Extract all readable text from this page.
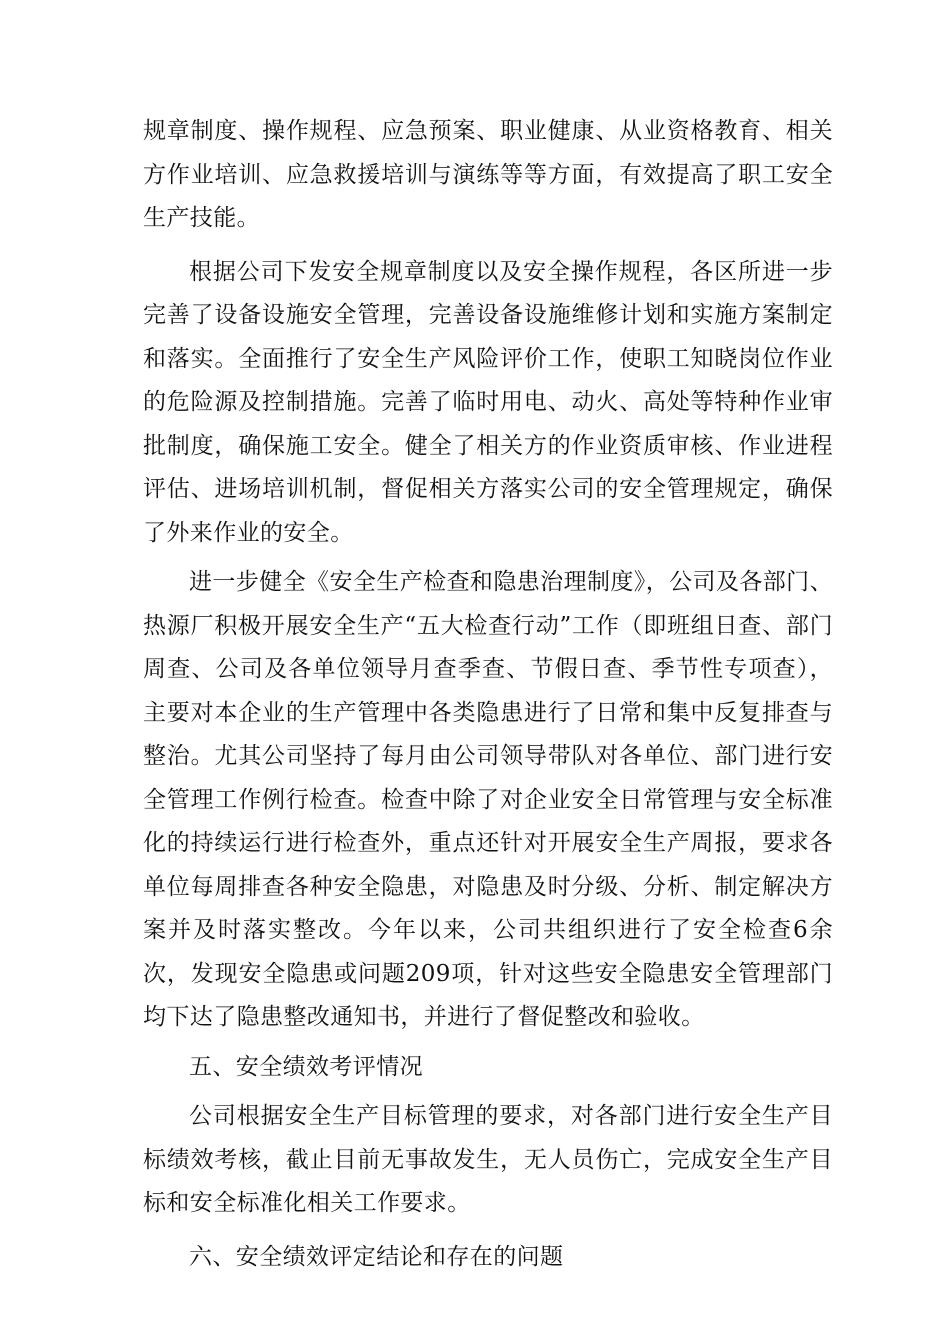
规章制度、操作规程、应急预案、职业健康、从业资格教育、相关方作业培训、应急救援培训与演练等等方面，有效提高了职工安全生产技能。

根据公司下发安全规章制度以及安全操作规程，各区所进一步完善了设备设施安全管理，完善设备设施维修计划和实施方案制定和落实。全面推行了安全生产风险评价工作，使职工知晓岗位作业的危险源及控制措施。完善了临时用电、动火、高处等特种作业审批制度，确保施工安全。健全了相关方的作业资质审核、作业进程评估、进场培训机制，督促相关方落实公司的安全管理规定，确保了外来作业的安全。

进一步健全《安全生产检查和隐患治理制度》，公司及各部门、热源厂积极开展安全生产“五大检查行动”工作（即班组日查、部门周查、公司及各单位领导月查季查、节假日查、季节性专项查），主要对本企业的生产管理中各类隐患进行了日常和集中反复排查与整治。尤其公司坚持了每月由公司领导带队对各单位、部门进行安全管理工作例行检查。检查中除了对企业安全日常管理与安全标准化的持续运行进行检查外，重点还针对开展安全生产周报，要求各单位每周排查各种安全隐患，对隐患及时分级、分析、制定解决方案并及时落实整改。今年以来，公司共组织进行了安全检查6余次，发现安全隐患或问题209项，针对这些安全隐患安全管理部门均下达了隐患整改通知书，并进行了督促整改和验收。

五、安全绩效考评情况

公司根据安全生产目标管理的要求，对各部门进行安全生产目标绩效考核，截止目前无事故发生，无人员伤亡，完成安全生产目标和安全标准化相关工作要求。

六、安全绩效评定结论和存在的问题
